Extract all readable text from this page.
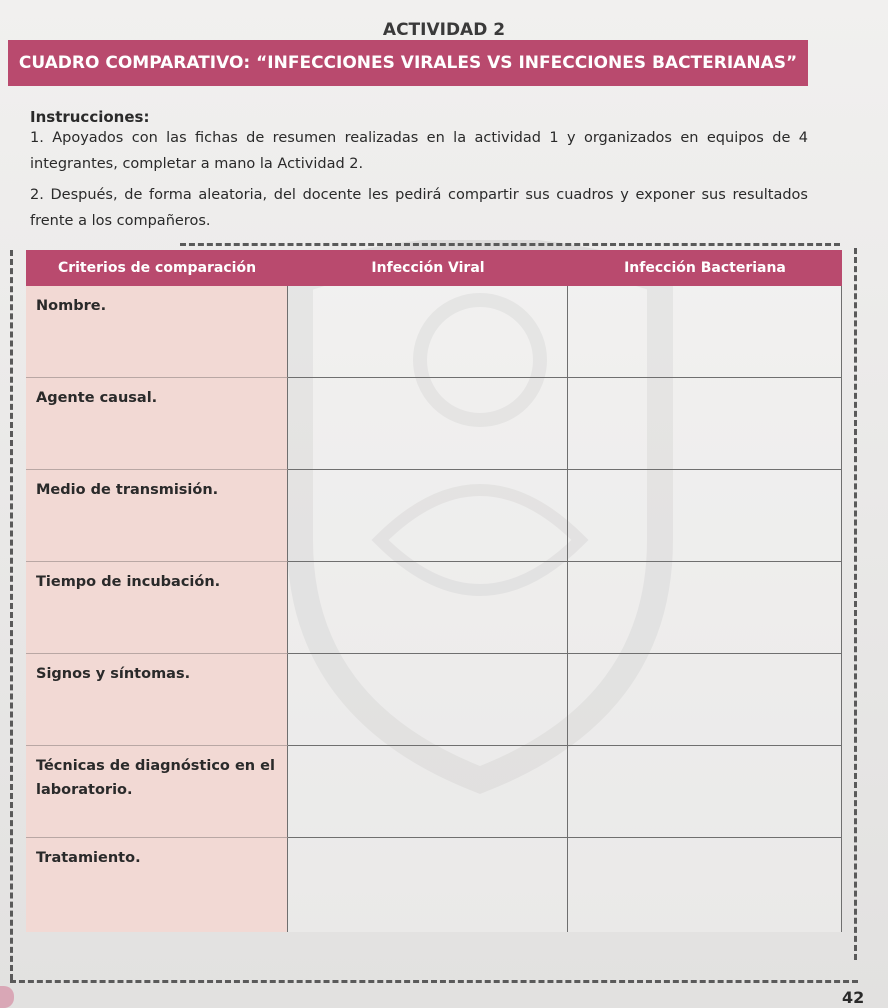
ACTIVIDAD 2
CUADRO COMPARATIVO: “INFECCIONES VIRALES VS INFECCIONES BACTERIANAS”
Instrucciones:
1. Apoyados con las fichas de resumen realizadas en la actividad 1 y organizados en equipos de 4 integrantes, completar a mano la Actividad 2.
2. Después, de forma aleatoria, del docente les pedirá compartir sus cuadros y exponer sus resultados frente a los compañeros.
Criterios de comparación	Infección Viral	Infección Bacteriana
Nombre.
Agente causal.
Medio de transmisión.
Tiempo de incubación.
Signos y síntomas.
Técnicas de diagnóstico en el laboratorio.
Tratamiento.
42
